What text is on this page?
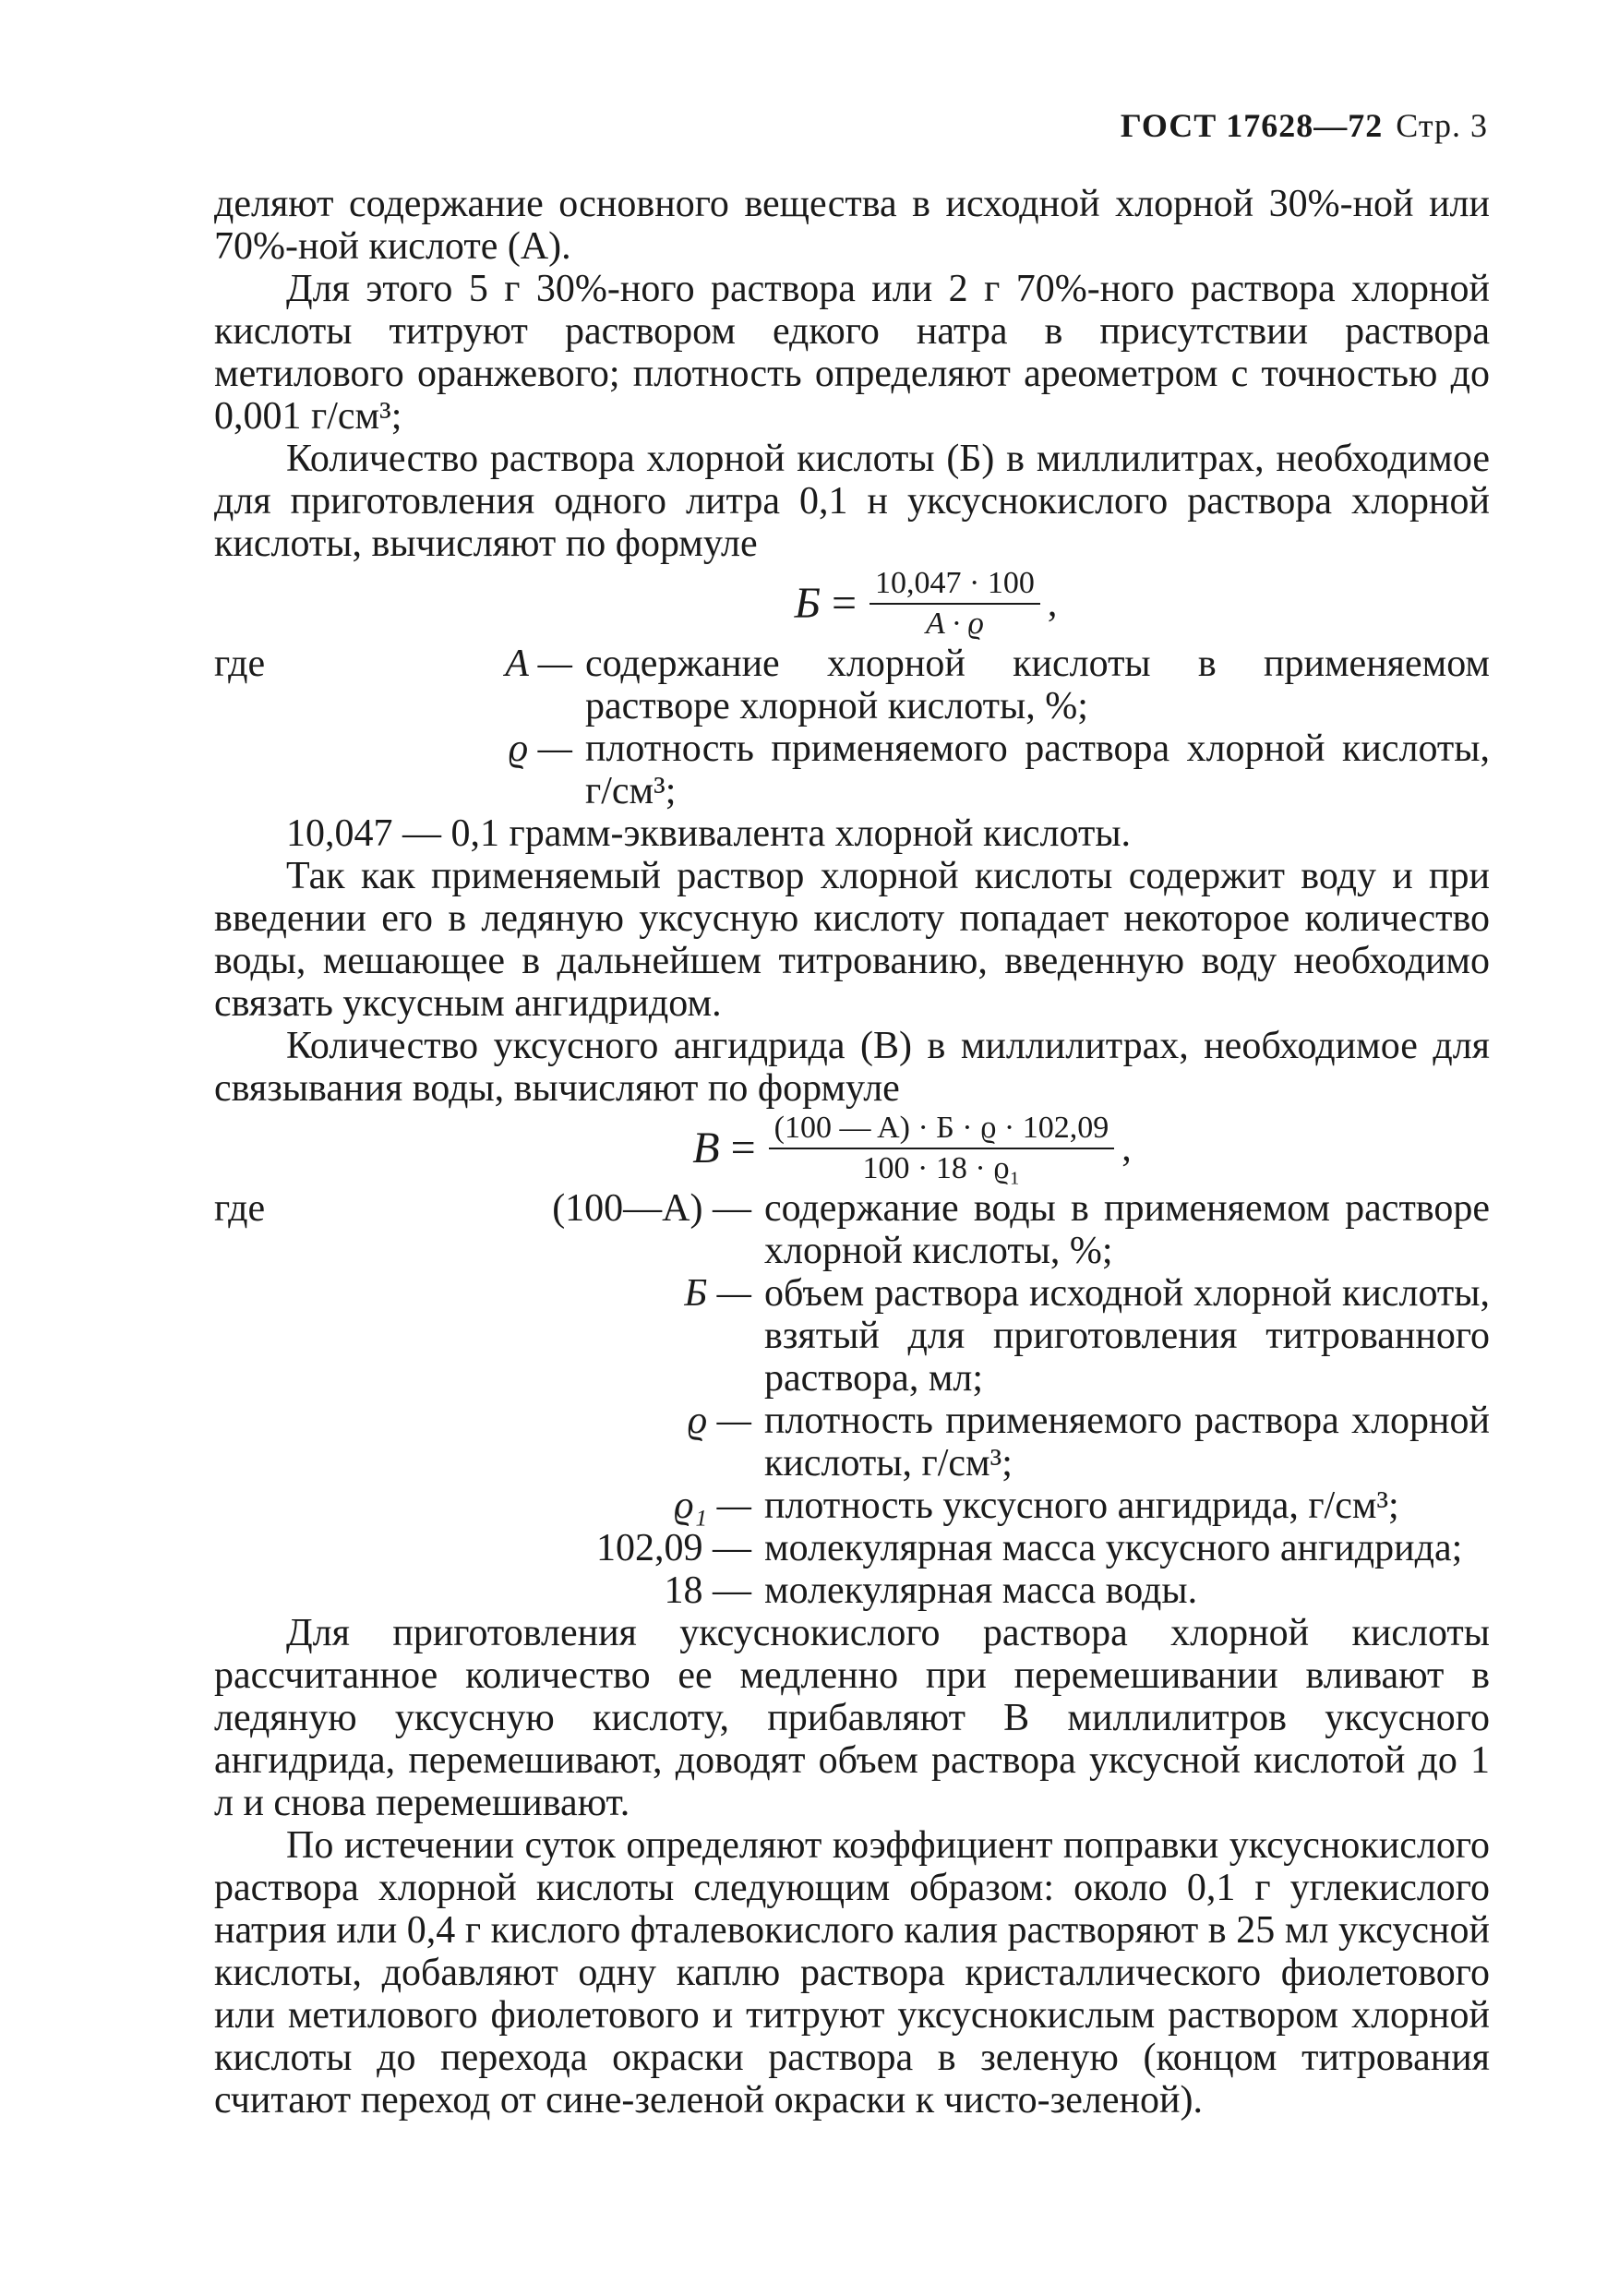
ГОСТ 17628—72 Стр. 3

деляют содержание основного вещества в исходной хлорной 30%-ной или 70%-ной кислоте (А).

Для этого 5 г 30%-ного раствора или 2 г 70%-ного раствора хлорной кислоты титруют раствором едкого натра в присутствии раствора метилового оранжевого; плотность определяют ареометром с точностью до 0,001 г/см³;

Количество раствора хлорной кислоты (Б) в миллилитрах, необходимое для приготовления одного литра 0,1 н уксуснокислого раствора хлорной кислоты, вычисляют по формуле

$Б = \frac{10,047 \cdot 100}{A \cdot ϱ}$ ,
где	A — содержание хлорной кислоты в применяемом растворе хлорной кислоты, %;
ϱ — плотность применяемого раствора хлорной кислоты, г/см³;

10,047 — 0,1 грамм-эквивалента хлорной кислоты.

Так как применяемый раствор хлорной кислоты содержит воду и при введении его в ледяную уксусную кислоту попадает некоторое количество воды, мешающее в дальнейшем титрованию, введенную воду необходимо связать уксусным ангидридом.

Количество уксусного ангидрида (В) в миллилитрах, необходимое для связывания воды, вычисляют по формуле

$В = \frac{(100 — A) \cdot Б \cdot ϱ \cdot 102,09}{\text{100 · 18 · ϱ₁}}$ ,
где	(100—A) — содержание воды в применяемом растворе хлорной кислоты, %;
Б — объем раствора исходной хлорной кислоты, взятый для приготовления титрованного раствора, мл;
ϱ — плотность применяемого раствора хлорной кислоты, г/см³;
ϱ₁ — плотность уксусного ангидрида, г/см³;
102,09 — молекулярная масса уксусного ангидрида;
18 — молекулярная масса воды.

Для приготовления уксуснокислого раствора хлорной кислоты рассчитанное количество ее медленно при перемешивании вливают в ледяную уксусную кислоту, прибавляют В миллилитров уксусного ангидрида, перемешивают, доводят объем раствора уксусной кислотой до 1 л и снова перемешивают.

По истечении суток определяют коэффициент поправки уксуснокислого раствора хлорной кислоты следующим образом: около 0,1 г углекислого натрия или 0,4 г кислого фталевокислого калия растворяют в 25 мл уксусной кислоты, добавляют одну каплю раствора кристаллического фиолетового или метилового фиолетового и титруют уксуснокислым раствором хлорной кислоты до перехода окраски раствора в зеленую (концом титрования считают переход от сине-зеленой окраски к чисто-зеленой).
